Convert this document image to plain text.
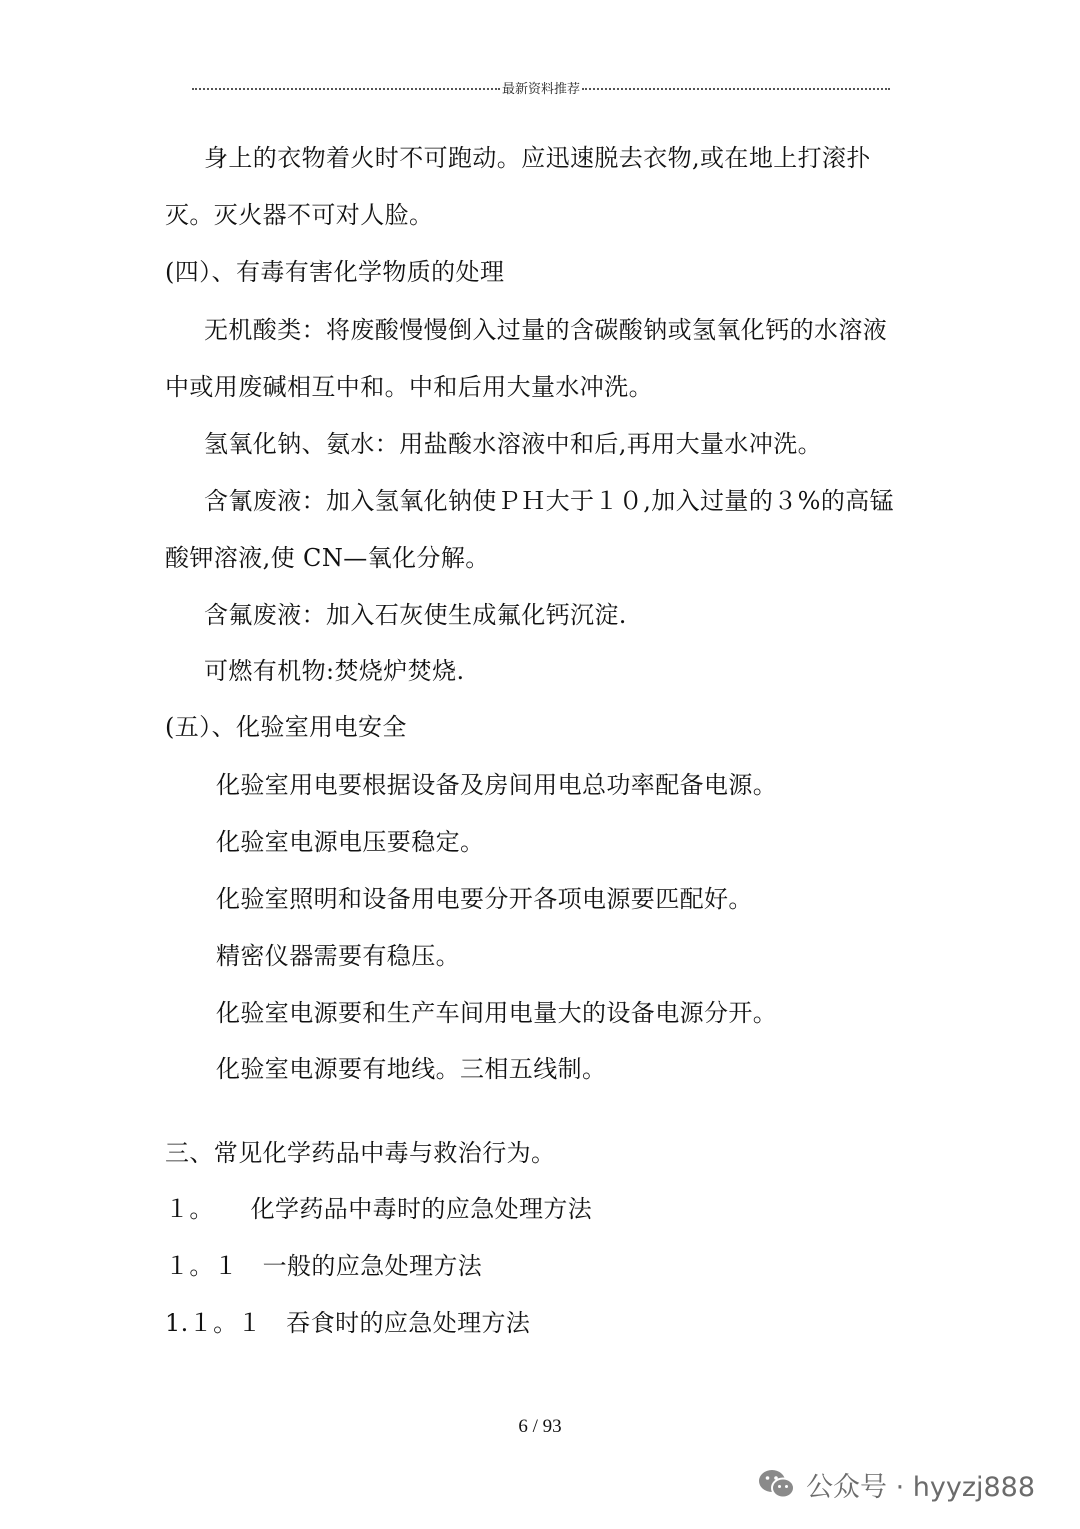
最新资料推荐
身上的衣物着火时不可跑动。应迅速脱去衣物,或在地上打滚扑
灭。灭火器不可对人脸。
(四）、有毒有害化学物质的处理
无机酸类：将废酸慢慢倒入过量的含碳酸钠或氢氧化钙的水溶液
中或用废碱相互中和。中和后用大量水冲洗。
氢氧化钠、氨水：用盐酸水溶液中和后,再用大量水冲洗。
含氰废液：加入氢氧化钠使ＰＨ大于１０,加入过量的３%的高锰
酸钾溶液,使 CN—氧化分解。
含氟废液：加入石灰使生成氟化钙沉淀.
可燃有机物:焚烧炉焚烧.
(五）、化验室用电安全
化验室用电要根据设备及房间用电总功率配备电源。
化验室电源电压要稳定。
化验室照明和设备用电要分开各项电源要匹配好。
精密仪器需要有稳压。
化验室电源要和生产车间用电量大的设备电源分开。
化验室电源要有地线。三相五线制。
三、常见化学药品中毒与救治行为。
１。　　化学药品中毒时的应急处理方法
１。１　一般的应急处理方法
1.１。１　吞食时的应急处理方法
6 / 93
公众号 · hyyzj888
